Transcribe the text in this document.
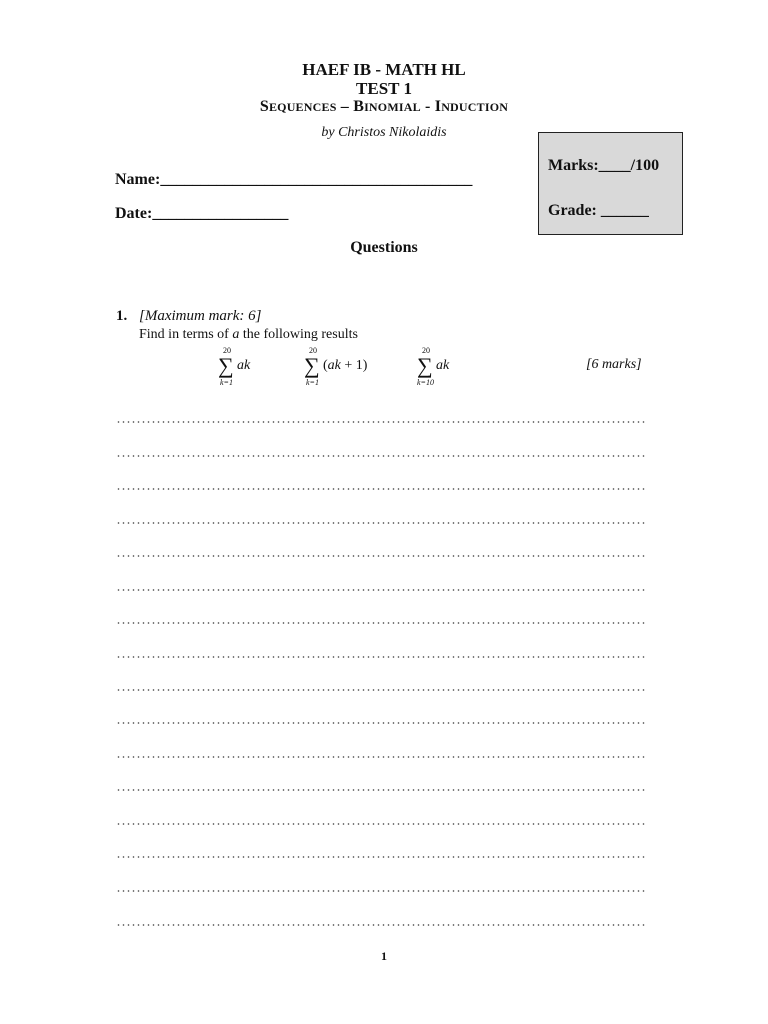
HAEF IB - MATH HL
TEST 1
SEQUENCES – BINOMIAL - INDUCTION
by Christos Nikolaidis
Marks:____/100
Grade: ______
Name:_______________________________________
Date:_________________
Questions
1. [Maximum mark: 6]
Find in terms of a the following results
20
∑
k=1
ak
20
∑
k=1
(ak + 1)
20
∑
k=10
ak	[6 marks]
1
